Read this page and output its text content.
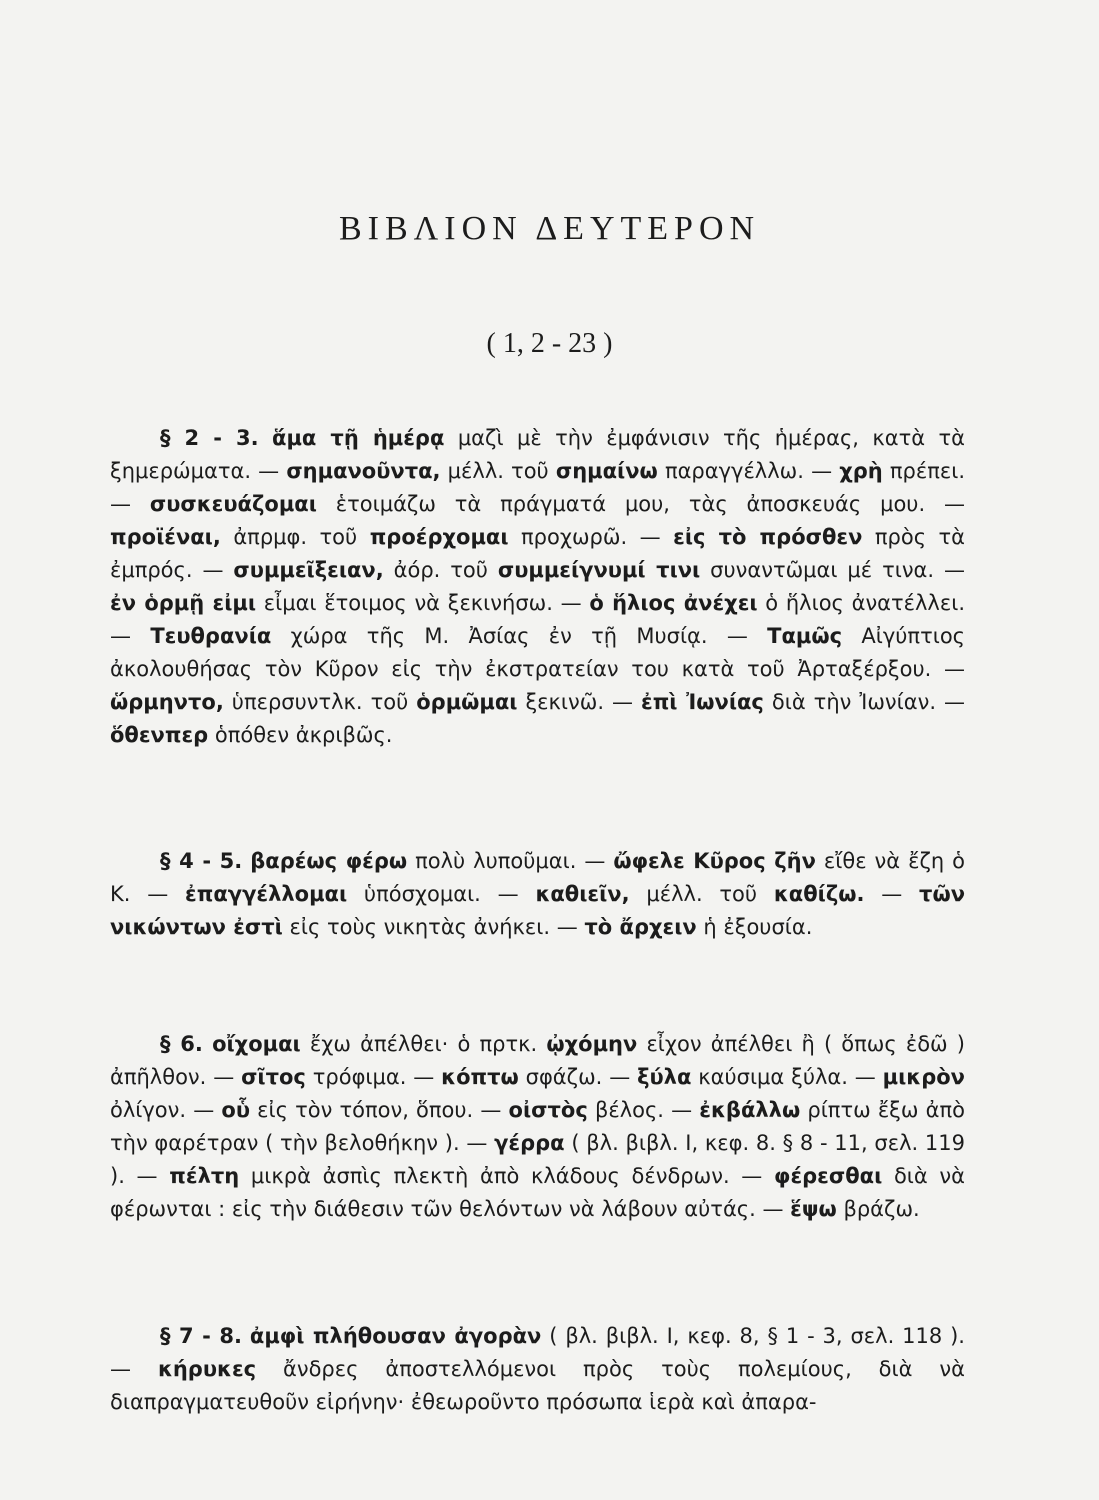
ΒΙΒΛΙΟΝ ΔΕΥΤΕΡΟΝ
( 1, 2 - 23 )

§ 2 - 3. ἅμα τῇ ἡμέρᾳ μαζὶ μὲ τὴν ἐμφάνισιν τῆς ἡμέρας, κατὰ τὰ ξημερώματα. — σημανοῦντα, μέλλ. τοῦ σημαίνω παραγγέλλω. — χρὴ πρέπει. — συσκευάζομαι ἑτοιμάζω τὰ πράγματά μου, τὰς ἀποσκευάς μου. — προϊέναι, ἀπρμφ. τοῦ προέρχομαι προχωρῶ. — εἰς τὸ πρόσθεν πρὸς τὰ ἐμπρός. — συμμεῖξειαν, ἀόρ. τοῦ συμμείγνυμί τινι συναντῶμαι μέ τινα. — ἐν ὁρμῇ εἰμι εἶμαι ἕτοιμος νὰ ξεκινήσω. — ὁ ἥλιος ἀνέχει ὁ ἥλιος ἀνατέλλει. — Τευθρανία χώρα τῆς Μ. Ἀσίας ἐν τῇ Μυσίᾳ. — Ταμῶς Αἰγύπτιος ἀκολουθήσας τὸν Κῦρον εἰς τὴν ἐκστρατείαν του κατὰ τοῦ Ἀρταξέρξου. — ὥρμηντο, ὑπερσυντλκ. τοῦ ὁρμῶμαι ξεκινῶ. — ἐπὶ Ἰωνίας διὰ τὴν Ἰωνίαν. — ὅθενπερ ὁπόθεν ἀκριβῶς.

§ 4 - 5. βαρέως φέρω πολὺ λυποῦμαι. — ὤφελε Κῦρος ζῆν εἴθε νὰ ἔζη ὁ Κ. — ἐπαγγέλλομαι ὑπόσχομαι. — καθιεῖν, μέλλ. τοῦ καθίζω. — τῶν νικώντων ἐστὶ εἰς τοὺς νικητὰς ἀνήκει. — τὸ ἄρχειν ἡ ἐξουσία.

§ 6. οἴχομαι ἔχω ἀπέλθει· ὁ πρτκ. ᾠχόμην εἶχον ἀπέλθει ἢ ( ὅπως ἐδῶ ) ἀπῆλθον. — σῖτος τρόφιμα. — κόπτω σφάζω. — ξύλα καύσιμα ξύλα. — μικρὸν ὀλίγον. — οὗ εἰς τὸν τόπον, ὅπου. — οἰστὸς βέλος. — ἐκβάλλω ρίπτω ἔξω ἀπὸ τὴν φαρέτραν ( τὴν βελοθήκην ). — γέρρα ( βλ. βιβλ. I, κεφ. 8. § 8 - 11, σελ. 119 ). — πέλτη μικρὰ ἀσπὶς πλεκτὴ ἀπὸ κλάδους δένδρων. — φέρεσθαι διὰ νὰ φέρωνται : εἰς τὴν διάθεσιν τῶν θελόντων νὰ λάβουν αὐτάς. — ἕψω βράζω.

§ 7 - 8. ἀμφὶ πλήθουσαν ἀγορὰν ( βλ. βιβλ. I, κεφ. 8, § 1 - 3, σελ. 118 ). — κήρυκες ἄνδρες ἀποστελλόμενοι πρὸς τοὺς πολεμίους, διὰ νὰ διαπραγματευθοῦν εἰρήνην· ἐθεωροῦντο πρόσωπα ἱερὰ καὶ ἀπαρα-
